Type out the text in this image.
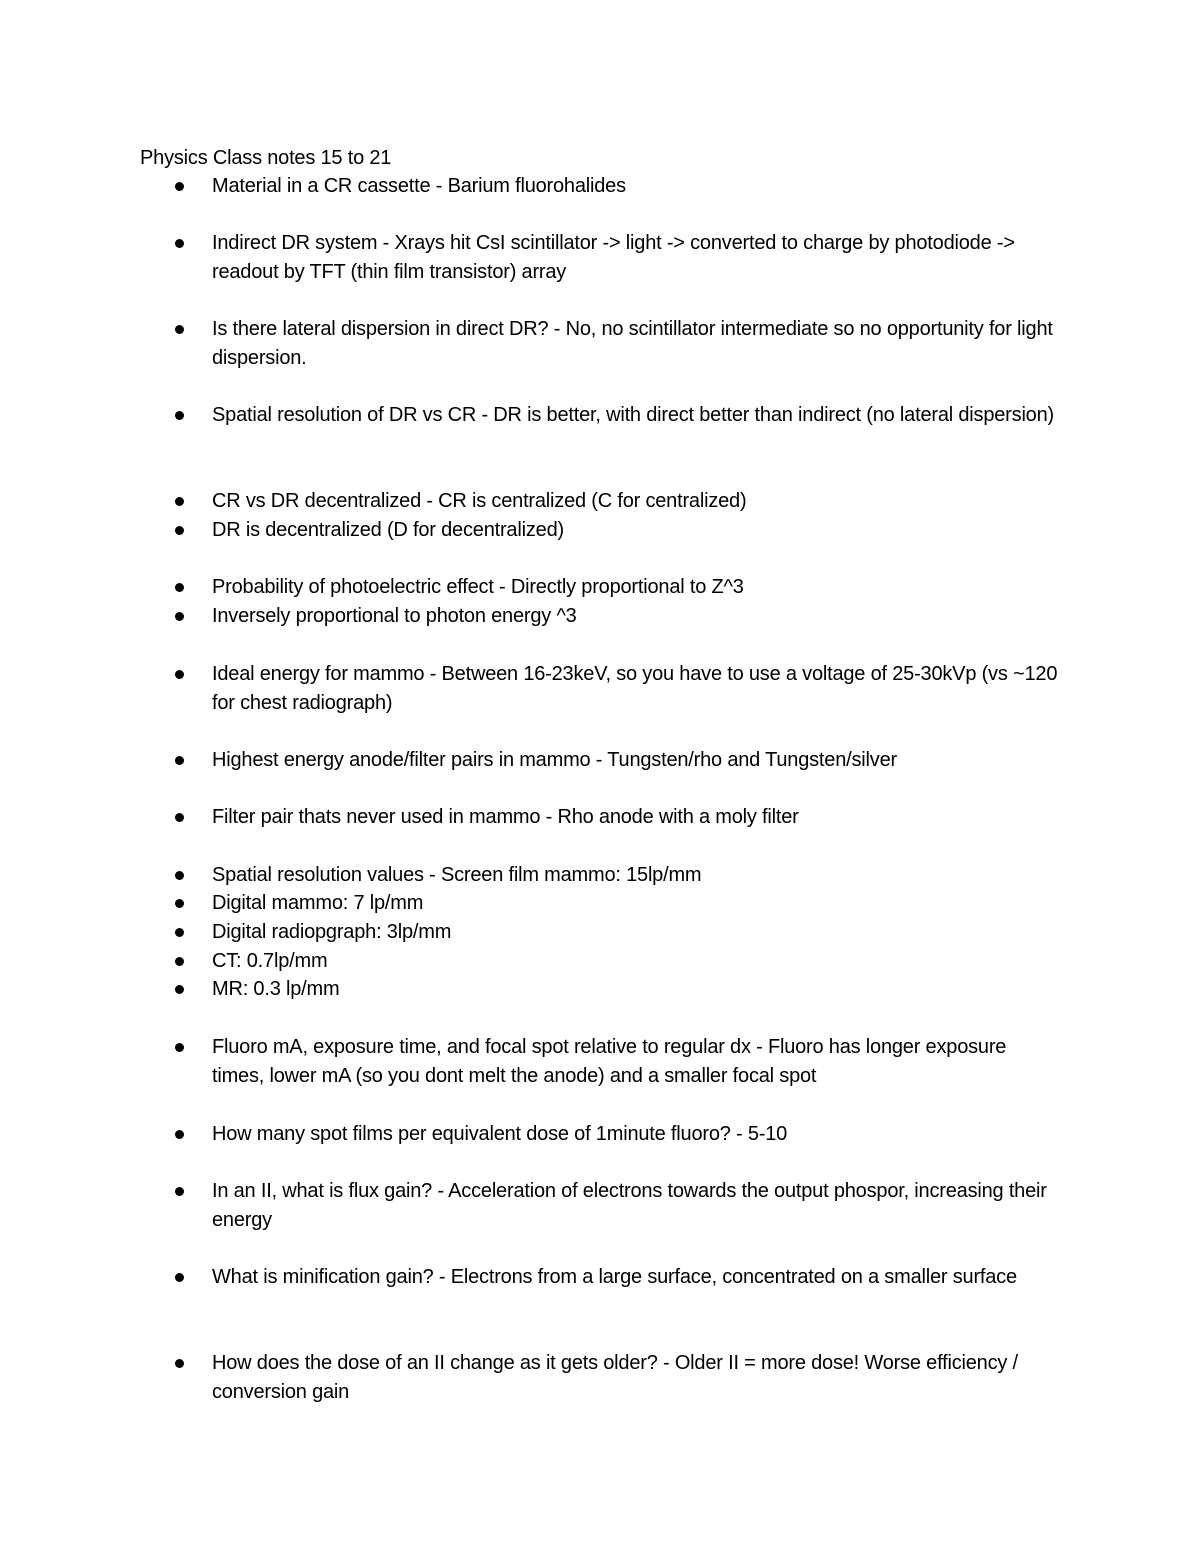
Physics Class notes 15 to 21
Material in a CR cassette - Barium fluorohalides
Indirect DR system - Xrays hit CsI scintillator -> light -> converted to charge by photodiode -> readout by TFT (thin film transistor) array
Is there lateral dispersion in direct DR? - No, no scintillator intermediate so no opportunity for light dispersion.
Spatial resolution of DR vs CR - DR is better, with direct better than indirect (no lateral dispersion)
CR vs DR decentralized - CR is centralized (C for centralized)
DR is decentralized (D for decentralized)
Probability of photoelectric effect - Directly proportional to Z^3
Inversely proportional to photon energy ^3
Ideal energy for mammo - Between 16-23keV, so you have to use a voltage of 25-30kVp (vs ~120 for chest radiograph)
Highest energy anode/filter pairs in mammo - Tungsten/rho and Tungsten/silver
Filter pair thats never used in mammo - Rho anode with a moly filter
Spatial resolution values - Screen film mammo: 15lp/mm
Digital mammo: 7 lp/mm
Digital radiopgraph: 3lp/mm
CT: 0.7lp/mm
MR: 0.3 lp/mm
Fluoro mA, exposure time, and focal spot relative to regular dx - Fluoro has longer exposure times, lower mA (so you dont melt the anode) and a smaller focal spot
How many spot films per equivalent dose of 1minute fluoro? - 5-10
In an II, what is flux gain? - Acceleration of electrons towards the output phospor, increasing their energy
What is minification gain? - Electrons from a large surface, concentrated on a smaller surface
How does the dose of an II change as it gets older? - Older II = more dose! Worse efficiency / conversion gain
